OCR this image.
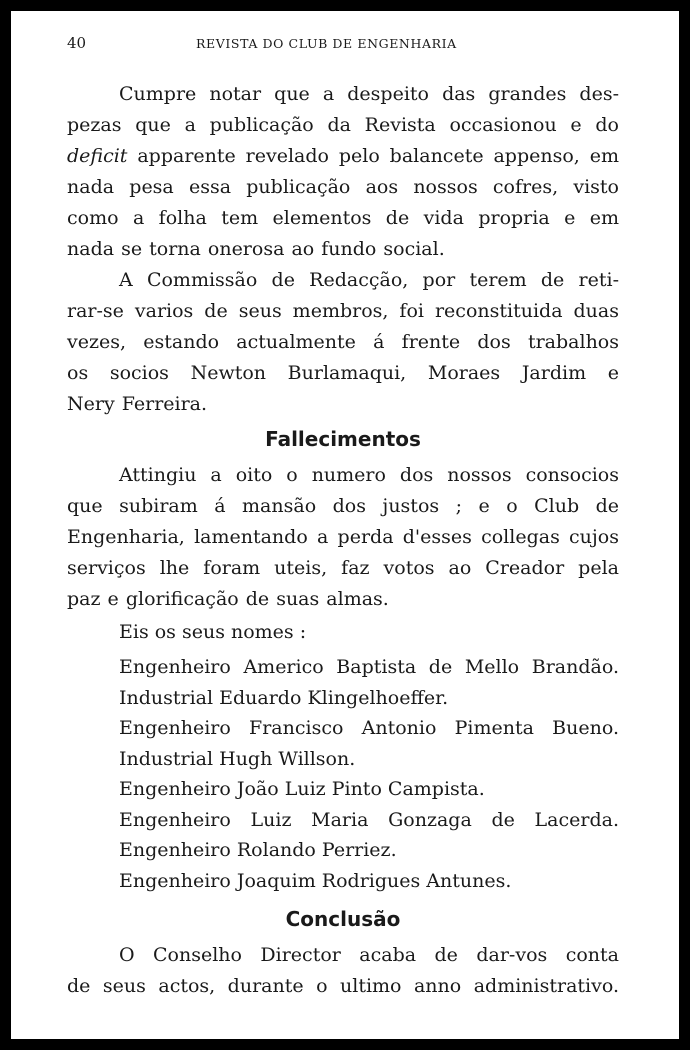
40	REVISTA DO CLUB DE ENGENHARIA

Cumpre notar que a despeito das grandes des-
pezas que a publicação da Revista occasionou e do
deficit apparente revelado pelo balancete appenso, em
nada pesa essa publicação aos nossos cofres, visto
como a folha tem elementos de vida propria e em
nada se torna onerosa ao fundo social.

A Commissão de Redacção, por terem de reti-
rar-se varios de seus membros, foi reconstituida duas
vezes, estando actualmente á frente dos trabalhos
os socios Newton Burlamaqui, Moraes Jardim e
Nery Ferreira.

Fallecimentos

Attingiu a oito o numero dos nossos consocios
que subiram á mansão dos justos ; e o Club de
Engenharia, lamentando a perda d'esses collegas cujos
serviços lhe foram uteis, faz votos ao Creador pela
paz e glorificação de suas almas.

Eis os seus nomes :
Engenheiro Americo Baptista de Mello Brandão.
Industrial Eduardo Klingelhoeffer.
Engenheiro Francisco Antonio Pimenta Bueno.
Industrial Hugh Willson.
Engenheiro João Luiz Pinto Campista.
Engenheiro Luiz Maria Gonzaga de Lacerda.
Engenheiro Rolando Perriez.
Engenheiro Joaquim Rodrigues Antunes.
Conclusão

O Conselho Director acaba de dar-vos conta
de seus actos, durante o ultimo anno administrativo.
